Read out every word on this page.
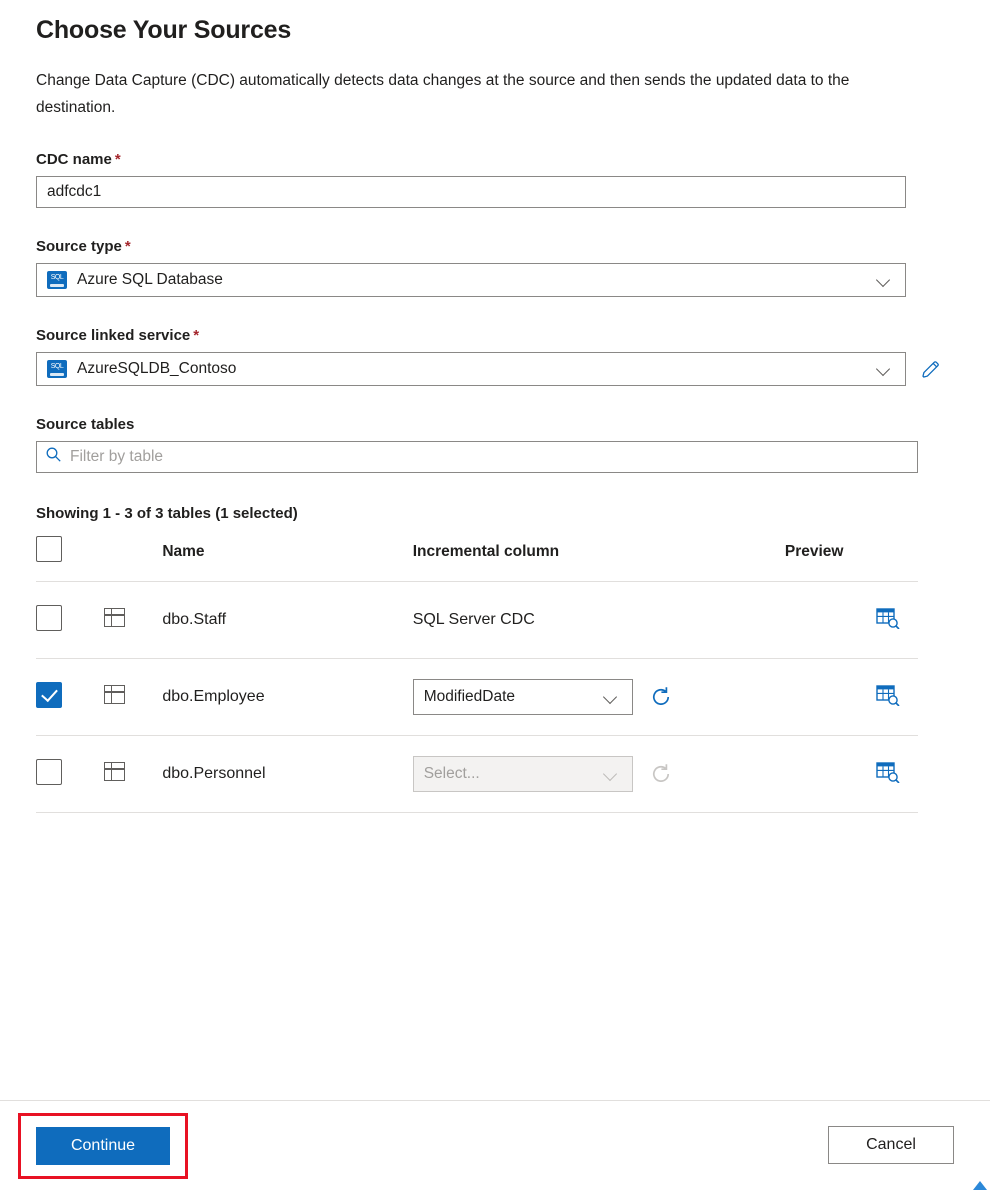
Choose Your Sources

Change Data Capture (CDC) automatically detects data changes at the source and then sends the updated data to the destination.

CDC name *
adfcdc1
Source type *
SQL
Azure SQL Database
Source linked service *
SQL
AzureSQLDB_Contoso
Source tables
Filter by table
Showing 1 - 3 of 3 tables (1 selected)
		Name	Incremental column	Preview
		dbo.Staff	SQL Server CDC	
		dbo.Employee	ModifiedDate

		dbo.Personnel	Select...

Continue	Cancel
